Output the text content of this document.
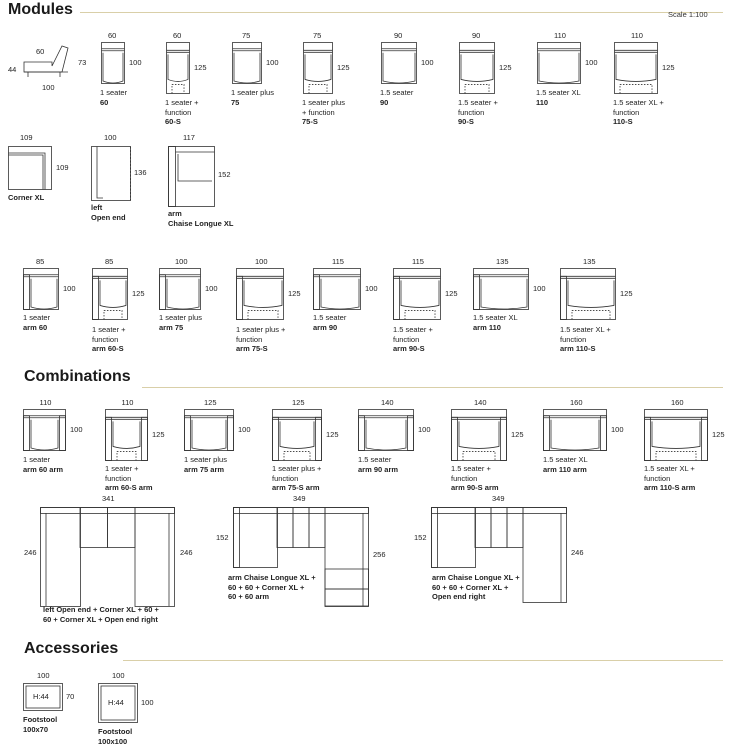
Modules	Scale 1:100
Combinations
Accessories
60
100
73
44
60
100
1 seater
60
60
125
1 seater +
function
60-S
75
100
1 seater plus
75
75
125
1 seater plus
+ function
75-S
90
100
1.5 seater
90
90
125
1.5 seater +
function
90-S
110
100
1.5 seater XL
110
110
125
1.5 seater XL +
function
110-S
109
109
Corner XL
100
136
left
Open end
117
152
arm
Chaise Longue XL
85
100
1 seater
arm 60
85
125
1 seater +
function
arm 60-S
100
100
1 seater plus
arm 75
100
125
1 seater plus +
function
arm 75-S
115
100
1.5 seater
arm 90
115
125
1.5 seater +
function
arm 90-S
135
100
1.5 seater XL
arm 110
135
125
1.5 seater XL +
function
arm 110-S
110
100
1 seater
arm 60 arm
110
125
1 seater +
function
arm 60-S arm
125
100
1 seater plus
arm 75 arm
125
125
1 seater plus +
function
arm 75-S arm
140
100
1.5 seater
arm 90 arm
140
125
1.5 seater +
function
arm 90-S arm
160
100
1.5 seater XL
arm 110 arm
160
125
1.5 seater XL +
function
arm 110-S arm
341
246	246
left Open end + Corner XL + 60 +
60 + Corner XL + Open end right
349
152
256
arm Chaise Longue XL +
60 + 60 + Corner XL +
60 + 60 arm
349
152
246
arm Chaise Longue XL +
60 + 60 + Corner XL +
Open end right
H:44
100
70
Footstool
100x70
H:44
100
100
Footstool
100x100
